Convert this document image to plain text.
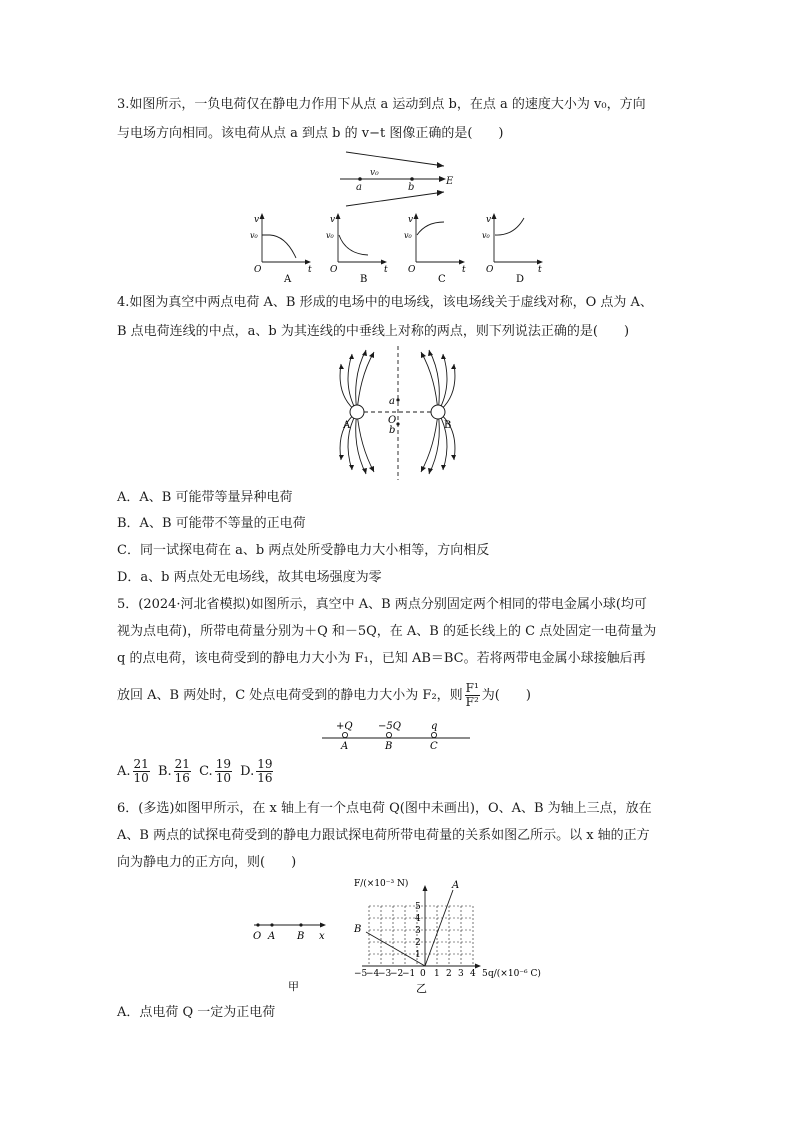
3.如图所示，一负电荷仅在静电力作用下从点 a 运动到点 b，在点 a 的速度大小为 v₀，方向
与电场方向相同。该电荷从点 a 到点 b 的 v−t 图像正确的是(　　)
v₀
a	b
E
v
v₀
O	t
A
v
v₀
O	t
B
v
v₀
O	t
C
v
v₀
O	t
D
4.如图为真空中两点电荷 A、B 形成的电场中的电场线，该电场线关于虚线对称，O 点为 A、
B 点电荷连线的中点，a、b 为其连线的中垂线上对称的两点，则下列说法正确的是(　　)
A	B
O
a
b
A．A、B 可能带等量异种电荷
B．A、B 可能带不等量的正电荷
C．同一试探电荷在 a、b 两点处所受静电力大小相等，方向相反
D．a、b 两点处无电场线，故其电场强度为零
5．(2024·河北省模拟)如图所示，真空中 A、B 两点分别固定两个相同的带电金属小球(均可
视为点电荷)，所带电荷量分别为＋Q 和－5Q，在 A、B 的延长线上的 C 点处固定一电荷量为
q 的点电荷，该电荷受到的静电力大小为 F₁，已知 AB＝BC。若将两带电金属小球接触后再
放回 A、B 两处时，C 处点电荷受到的静电力大小为 F₂，则 $\frac{\text{F¹}}{\text{F²}}$ 为(　　)
+Q	−5Q	q
A	B	C
A. $\frac{21}{10} B$. $\frac{21}{16} C$. $\frac{19}{10} D$. $\frac{19}{16}$
6．(多选)如图甲所示，在 x 轴上有一个点电荷 Q(图中未画出)，O、A、B 为轴上三点，放在
A、B 两点的试探电荷受到的静电力跟试探电荷所带电荷量的关系如图乙所示。以 x 轴的正方
向为静电力的正方向，则(　　)
O A B x
甲
F/(×10⁻³ N)	A
B
1
2
3
4
5
−5
−4
−3
−2
−1 0 1 2 3 4 5 q/(×10⁻⁶ C)
乙
A．点电荷 Q 一定为正电荷
